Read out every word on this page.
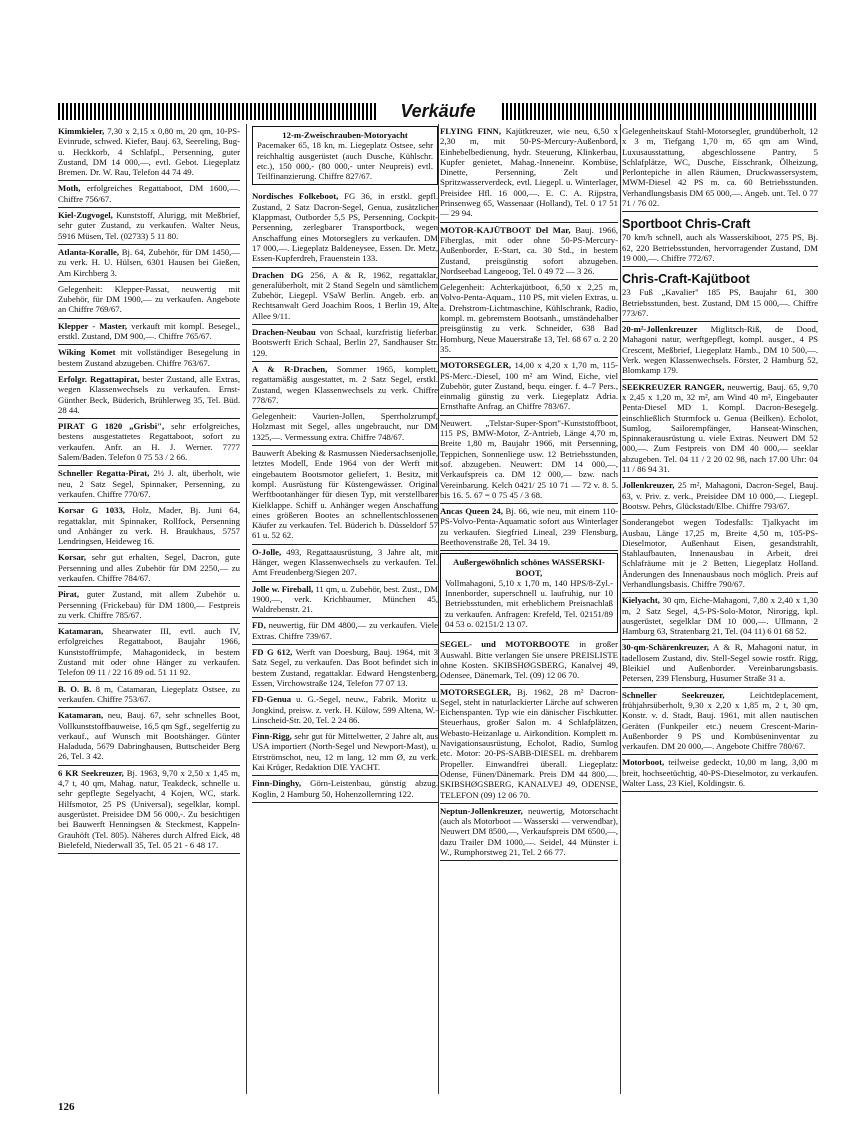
Verkäufe
Kimmkieler, 7,30 x 2,15 x 0,80 m, 20 qm, 10-PS-Evinrude, schwed. Kiefer, Bauj. 63, Seereling, Bug- u. Heckkorb, 4 Schlafpl., Persenning, guter Zustand, DM 14 000,—, evtl. Gebot. Liegeplatz Bremen. Dr. W. Rau, Telefon 44 74 49.
Moth, erfolgreiches Regattaboot, DM 1600,—. Chiffre 756/67.
Kiel-Zugvogel, Kunststoff, Alurigg, mit Meßbrief, sehr guter Zustand, zu verkaufen. Walter Neus, 5916 Müsen, Tel. (02733) 5 11 80.
Atlanta-Koralle, Bj. 64, Zubehör, für DM 1450,— zu verk. H. U. Hülsen, 6301 Hausen bei Gießen, Am Kirchberg 3.
Gelegenheit: Klepper-Passat, neuwertig mit Zubehör, für DM 1900,— zu verkaufen. Angebote an Chiffre 769/67.
Klepper - Master, verkauft mit kompl. Besegel., erstkl. Zustand, DM 900,—. Chiffre 765/67.
Wiking Komet mit vollständiger Besegelung in bestem Zustand abzugeben. Chiffre 763/67.
Erfolgr. Regattapirat, bester Zustand, alle Extras, wegen Klassenwechsels zu verkaufen. Ernst-Günther Beck, Büderich, Brühlerweg 35, Tel. Büd. 28 44.
PIRAT G 1820 „Grisbi", sehr erfolgreiches, bestens ausgestattetes Regattaboot, sofort zu verkaufen. Anfr. an H. J. Werner. 7777 Salem/Baden. Telefon 0 75 53 / 2 66.
Schneller Regatta-Pirat, 2½ J. alt, überholt, wie neu, 2 Satz Segel, Spinnaker, Persenning, zu verkaufen. Chiffre 770/67.
Korsar G 1033, Holz, Mader, Bj. Juni 64, regattaklar, mit Spinnaker, Rollfock, Persenning und Anhänger zu verk. H. Braukhaus, 5757 Lendringsen, Heideweg 16.
Korsar, sehr gut erhalten, Segel, Dacron, gute Persenning und alles Zubehör für DM 2250,— zu verkaufen. Chiffre 784/67.
Pirat, guter Zustand, mit allem Zubehör u. Persenning (Frickebau) für DM 1800,— Festpreis zu verk. Chiffre 785/67.
Katamaran, Shearwater III, evtl. auch IV, erfolgreiches Regattaboot, Baujahr 1966, Kunststoffrümpfe, Mahagonideck, in bestem Zustand mit oder ohne Hänger zu verkaufen. Telefon 09 11 / 22 16 89 od. 51 11 92.
B. O. B. 8 m, Catamaran, Liegeplatz Ostsee, zu verkaufen. Chiffre 753/67.
Katamaran, neu, Bauj. 67, sehr schnelles Boot, Vollkunststoffbauweise, 16,5 qm Sgf., segelfertig zu verkauf., auf Wunsch mit Bootshänger. Günter Haladuda, 5679 Dabringhausen, Buttscheider Berg 26, Tel. 3 42.
6 KR Seekreuzer, Bj. 1963, 9,70 x 2,50 x 1,45 m, 4,7 t, 40 qm, Mahag. natur, Teakdeck, schnelle u. sehr gepflegte Segelyacht, 4 Kojen, WC, stark. Hilfsmotor, 25 PS (Universal), segelklar, kompl. ausgerüstet. Preisidee DM 56 000,-. Zu besichtigen bei Bauwerft Henningsen & Steckmest, Kappeln-Grauhöft (Tel. 805). Näheres durch Alfred Eick, 48 Bielefeld, Niederwall 35, Tel. 05 21 - 6 48 17.
12-m-Zweischrauben-Motoryacht
Pacemaker 65, 18 kn, m. Liegeplatz Ostsee, sehr reichhaltig ausgerüstet (auch Dusche, Kühlschr. etc.), 150 000,- (80 000,- unter Neupreis) evtl. Teilfinanzierung. Chiffre 827/67.
Nordisches Folkeboot, FG 36, in erstkl. gepfl. Zustand, 2 Satz Dacron-Segel, Genua, zusätzlicher Klappmast, Outborder 5,5 PS, Persenning, Cockpit-Persenning, zerlegbarer Transportbock, wegen Anschaffung eines Motorseglers zu verkaufen. DM 17 000,—. Liegeplatz Baldeneysee, Essen. Dr. Metz, Essen-Kupferdreh, Frauenstein 133.
Drachen DG 256, A & R, 1962, regattaklar, generalüberholt, mit 2 Stand Segeln und sämtlichem Zubehör, Liegepl. VSaW Berlin. Angeb. erb. an Rechtsanwalt Gerd Joachim Roos, 1 Berlin 19, Alte Allee 9/11.
Drachen-Neubau von Schaal, kurzfristig lieferbar. Bootswerft Erich Schaal, Berlin 27, Sandhauser Str. 129.
A & R-Drachen, Sommer 1965, komplett, regattamäßig ausgestattet, m. 2 Satz Segel, erstkl. Zustand, wegen Klassenwechsels zu verk. Chiffre 778/67.
Gelegenheit: Vaurien-Jollen, Sperrholzrumpf, Holzmast mit Segel, alles ungebraucht, nur DM 1325,—. Vermessung extra. Chiffre 748/67.
Bauwerft Abeking & Rasmussen Niedersachsenjolle, letztes Modell, Ende 1964 von der Werft mit eingebautem Bootsmotor geliefert, 1. Besitz, mit kompl. Ausrüstung für Küstengewässer. Original Werftbootanhänger für diesen Typ, mit verstellbarer Kielklappe. Schiff u. Anhänger wegen Anschaffung eines größeren Bootes an schnellentschlossenen Käufer zu verkaufen. Tel. Büderich b. Düsseldorf 57 61 u. 52 62.
O-Jolle, 493, Regattaausrüstung, 3 Jahre alt, mit Hänger, wegen Klassenwechsels zu verkaufen. Tel. Amt Freudenberg/Siegen 207.
Jolle w. Fireball, 11 qm, u. Zubehör, best. Zust., DM 1900,—, verk. Krichbaumer, München 45, Waldrebenstr. 21.
FD, neuwertig, für DM 4800,— zu verkaufen. Viele Extras. Chiffre 739/67.
FD G 612, Werft van Doesburg, Bauj. 1964, mit 3 Satz Segel, zu verkaufen. Das Boot befindet sich in bestem Zustand, regattaklar. Edward Hengstenberg, Essen, Virchowstraße 124, Telefon 77 07 13.
FD-Genua u. G.-Segel, neuw., Fabrik. Moritz u. Jongkind, preisw. z. verk. H. Külow, 599 Altena, W.-Linscheid-Str. 20, Tel. 2 24 86.
Finn-Rigg, sehr gut für Mittelwetter, 2 Jahre alt, aus USA importiert (North-Segel und Newport-Mast), u. Etrströmschot, neu, 12 m lang, 12 mm Ø, zu verk. Kai Krüger, Redaktion DIE YACHT.
Finn-Dinghy, Görn-Leistenbau, günstig abzug. Koglin, 2 Hamburg 50, Hohenzollernring 122.
FLYING FINN, Kajütkreuzer, wie neu, 6,50 x 2,30 m, mit 50-PS-Mercury-Außenbord, Einhebelbedienung, hydr. Steuerung, Klinkerbau, Kupfer genietet, Mahag.-Inneneinr. Kombüse, Dinette, Persenning, Zelt und Spritzwasserverdeck, evtl. Liegepl. u. Winterlager, Preisidee Hfl. 16 000,—. E. C. A. Rijpstra, Prinsenweg 65, Wassenaar (Holland), Tel. 0 17 51 — 29 94.
MOTOR-KAJÜTBOOT Del Mar, Bauj. 1966, Fiberglas, mit oder ohne 50-PS-Mercury-Außenborder, E-Start, ca. 30 Std., in bestem Zustand, preisgünstig sofort abzugeben. Nordseebad Langeoog, Tel. 0 49 72 — 3 26.
Gelegenheit: Achterkajütboot, 6,50 x 2,25 m, Volvo-Penta-Aquam., 110 PS, mit vielen Extras, u. a. Drehstrom-Lichtmaschine, Kühlschrank, Radio, kompl. m. gebremstem Bootsanh., umständehalber preisgünstig zu verk. Schneider, 638 Bad Homburg, Neue Mauerstraße 13, Tel. 68 67 o. 2 20 35.
MOTORSEGLER, 14,00 x 4,20 x 1,70 m, 115-PS-Merc.-Diesel, 100 m² am Wind, Eiche, viel Zubehör, guter Zustand, bequ. einger. f. 4–7 Pers., einmalig günstig zu verk. Liegeplatz Adria. Ernsthafte Anfrag. an Chiffre 783/67.
Neuwert. „Telstar-Super-Sport"-Kunststoffboot, 115 PS, BMW-Motor, Z-Antrieb, Länge 4,70 m, Breite 1,80 m, Baujahr 1966, mit Persenning, Teppichen, Sonnenliege usw. 12 Betriebsstunden, sof. abzugeben. Neuwert: DM 14 000,—, Verkaufspreis ca. DM 12 000,— bzw. nach Vereinbarung. Kelch 0421/ 25 10 71 — 72 v. 8. 5. bis 16. 5. 67 = 0 75 45 / 3 68.
Ancas Queen 24, Bj. 66, wie neu, mit einem 110-PS-Volvo-Penta-Aquamatic sofort aus Winterlager zu verkaufen. Siegfried Lineal, 239 Flensburg, Beethovenstraße 28, Tel. 34 19.
Außergewöhnlich schönes WASSERSKI-BOOT,
Vollmahagoni, 5,10 x 1,70 m, 140 HPS/8-Zyl.-Innenborder, superschnell u. laufruhig, nur 10 Betriebsstunden, mit erheblichem Preisnachlaß zu verkaufen. Anfragen: Krefeld, Tel. 02151/89 04 53 o. 02151/2 13 07.
SEGEL- und MOTORBOOTE in großer Auswahl. Bitte verlangen Sie unsere PREISLISTE ohne Kosten. SKIBSHØGSBERG, Kanalvej 49, Odensee, Dänemark, Tel. (09) 12 06 70.
MOTORSEGLER, Bj. 1962, 28 m² Dacron-Segel, steht in naturlackierter Lärche auf schweren Eichenspanten. Typ wie ein dänischer Fischkutter. Steuerhaus, großer Salon m. 4 Schlafplätzen, Webasto-Heizanlage u. Airkondition. Komplett m. Navigationsausrüstung, Echolot, Radio, Sumlog etc. Motor: 20-PS-SABB-DIESEL m. drehbarem Propeller. Einwandfrei überall. Liegeplatz: Odense, Fünen/Dänemark. Preis DM 44 800,—. SKIBSHØGSBERG, KANALVEJ 49, ODENSE, TELEFON (09) 12 06 70.
Neptun-Jollenkreuzer, neuwertig, Motorschacht (auch als Motorboot — Wasserski — verwendbar), Neuwert DM 8500,—, Verkaufspreis DM 6500,—, dazu Trailer DM 1000,—. Seidel, 44 Münster i. W., Rumphorstweg 21, Tel. 2 66 77.
Gelegenheitskauf Stahl-Motorsegler, grundüberholt, 12 x 3 m, Tiefgang 1,70 m, 65 qm am Wind, Luxusausstattung, abgeschlossene Pantry, 5 Schlafplätze, WC, Dusche, Eisschrank, Ölheizung, Perlontepiche in allen Räumen, Druckwassersystem, MWM-Diesel 42 PS m. ca. 60 Betriebsstunden. Verhandlungsbasis DM 65 000,—. Angeb. unt. Tel. 0 77 71 / 76 02.
Sportboot Chris-Craft
70 km/h schnell, auch als Wasserskiboot, 275 PS, Bj. 62, 220 Betriebsstunden, hervorragender Zustand, DM 19 000,—. Chiffre 772/67.
Chris-Craft-Kajütboot
23 Fuß „Kavalier" 185 PS, Baujahr 61, 300 Betriebsstunden, best. Zustand, DM 15 000,—. Chiffre 773/67.
20-m²-Jollenkreuzer Miglitsch-Riß, de Dood, Mahagoni natur, werftgepflegt, kompl. ausger., 4 PS Crescent, Meßbrief, Liegeplatz Hamb., DM 10 500,—. Verk. wegen Klassenwechsels. Förster, 2 Hamburg 52, Blomkamp 179.
SEEKREUZER RANGER, neuwertig, Bauj. 65, 9,70 x 2,45 x 1,20 m, 32 m², am Wind 40 m², Eingebauter Penta-Diesel MD 1. Kompl. Dacron-Besegelg. einschließlich Sturmfock u. Genua (Beilken). Echolot, Sumlog, Sailorempfänger, Hanseat-Winschen, Spinnakerausrüstung u. viele Extras. Neuwert DM 52 000,—. Zum Festpreis von DM 40 000,— seeklar abzugeben. Tel. 04 11 / 2 20 02 98, nach 17.00 Uhr: 04 11 / 86 94 31.
Jollenkreuzer, 25 m², Mahagoni, Dacron-Segel, Bauj. 63, v. Priv. z. verk., Preisidee DM 10 000,—. Liegepl. Bootsw. Pehrs, Glückstadt/Elbe. Chiffre 793/67.
Sonderangebot wegen Todesfalls: Tjalkyacht im Ausbau, Länge 17,25 m, Breite 4,50 m, 105-PS-Dieselmotor, Außenhaut Eisen, gesandstrahlt, Stahlaufbauten, Innenausbau in Arbeit, drei Schlafräume mit je 2 Betten, Liegeplatz Holland. Änderungen des Innenausbaus noch möglich. Preis auf Verhandlungsbasis. Chiffre 790/67.
Kielyacht, 30 qm, Eiche-Mahagoni, 7,80 x 2,40 x 1,30 m, 2 Satz Segel, 4,5-PS-Solo-Motor, Nirorigg, kpl. ausgerüstet, segelklar DM 10 000,—. Ullmann, 2 Hamburg 63, Stratenbarg 21, Tel. (04 11) 6 01 68 52.
30-qm-Schärenkreuzer, A & R, Mahagoni natur, in tadellosem Zustand, div. Stell-Segel sowie rostfr. Rigg, Bleikiel und Außenborder. Vereinbarungsbasis. Petersen, 239 Flensburg, Husumer Straße 31 a.
Schneller Seekreuzer,	Leichtdeplacement, frühjahrsüberholt, 9,30 x 2,20 x 1,85 m, 2 t, 30 qm, Konstr. v. d. Stadt, Bauj. 1961, mit allen nautischen Geräten (Funkpeiler etc.) neuem Crescent-Marin-Außenborder 9 PS und Kombüseninventar zu verkaufen. DM 20 000,—. Angebote Chiffre 780/67.
Motorboot, teilweise gedeckt, 10,00 m lang, 3,00 m breit, hochseetüchtig, 40-PS-Dieselmotor, zu verkaufen. Walter Lass, 23 Kiel, Koldingstr. 6.
126
